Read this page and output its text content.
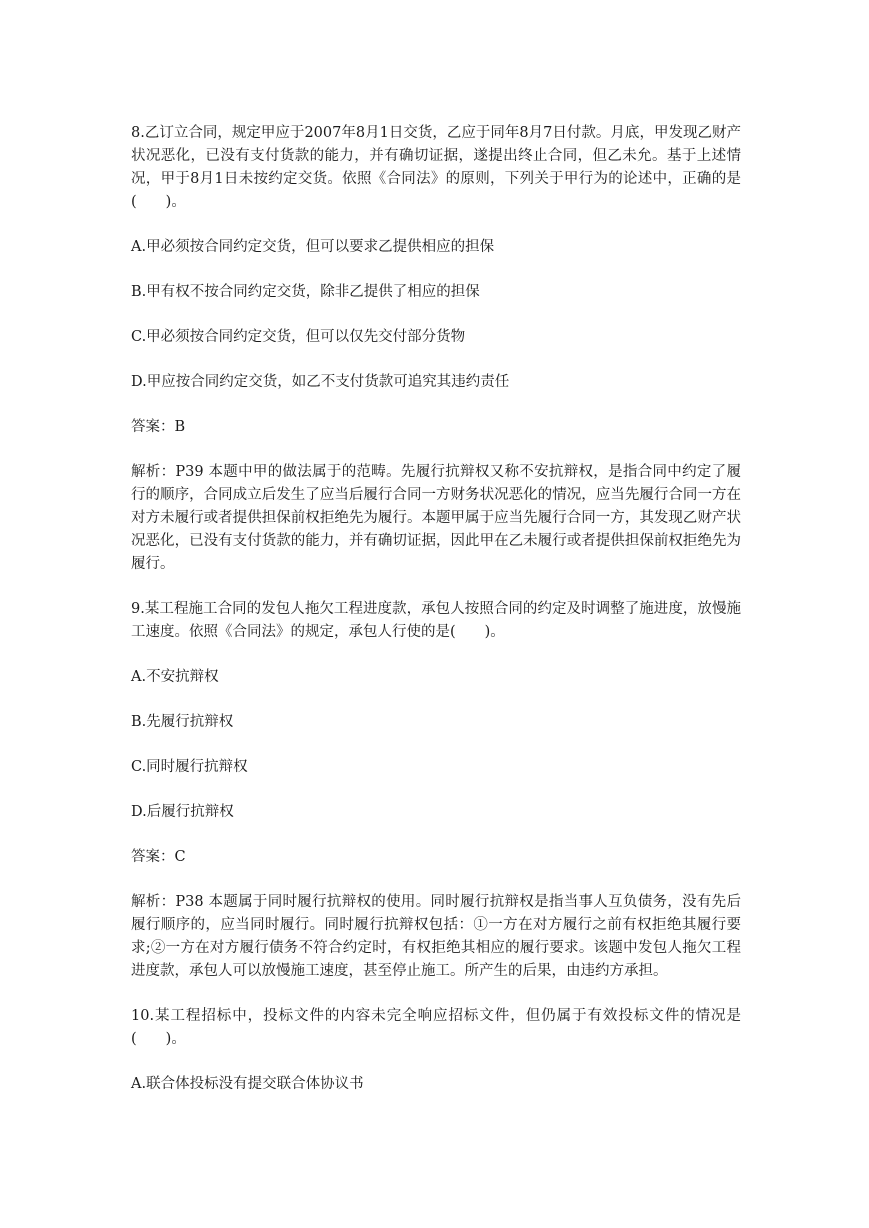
8.乙订立合同，规定甲应于2007年8月1日交货，乙应于同年8月7日付款。月底，甲发现乙财产状况恶化，已没有支付货款的能力，并有确切证据，遂提出终止合同，但乙未允。基于上述情况，甲于8月1日未按约定交货。依照《合同法》的原则，下列关于甲行为的论述中，正确的是(　　)。

A.甲必须按合同约定交货，但可以要求乙提供相应的担保

B.甲有权不按合同约定交货，除非乙提供了相应的担保

C.甲必须按合同约定交货，但可以仅先交付部分货物

D.甲应按合同约定交货，如乙不支付货款可追究其违约责任

答案：B

解析：P39 本题中甲的做法属于的范畴。先履行抗辩权又称不安抗辩权，是指合同中约定了履行的顺序，合同成立后发生了应当后履行合同一方财务状况恶化的情况，应当先履行合同一方在对方未履行或者提供担保前权拒绝先为履行。本题甲属于应当先履行合同一方，其发现乙财产状况恶化，已没有支付货款的能力，并有确切证据，因此甲在乙未履行或者提供担保前权拒绝先为履行。

9.某工程施工合同的发包人拖欠工程进度款，承包人按照合同的约定及时调整了施进度，放慢施工速度。依照《合同法》的规定，承包人行使的是(　　)。

A.不安抗辩权

B.先履行抗辩权

C.同时履行抗辩权

D.后履行抗辩权

答案：C

解析：P38 本题属于同时履行抗辩权的使用。同时履行抗辩权是指当事人互负债务，没有先后履行顺序的，应当同时履行。同时履行抗辩权包括：①一方在对方履行之前有权拒绝其履行要求;②一方在对方履行债务不符合约定时，有权拒绝其相应的履行要求。该题中发包人拖欠工程进度款，承包人可以放慢施工速度，甚至停止施工。所产生的后果，由违约方承担。

10.某工程招标中，投标文件的内容未完全响应招标文件，但仍属于有效投标文件的情况是(　　)。

A.联合体投标没有提交联合体协议书
